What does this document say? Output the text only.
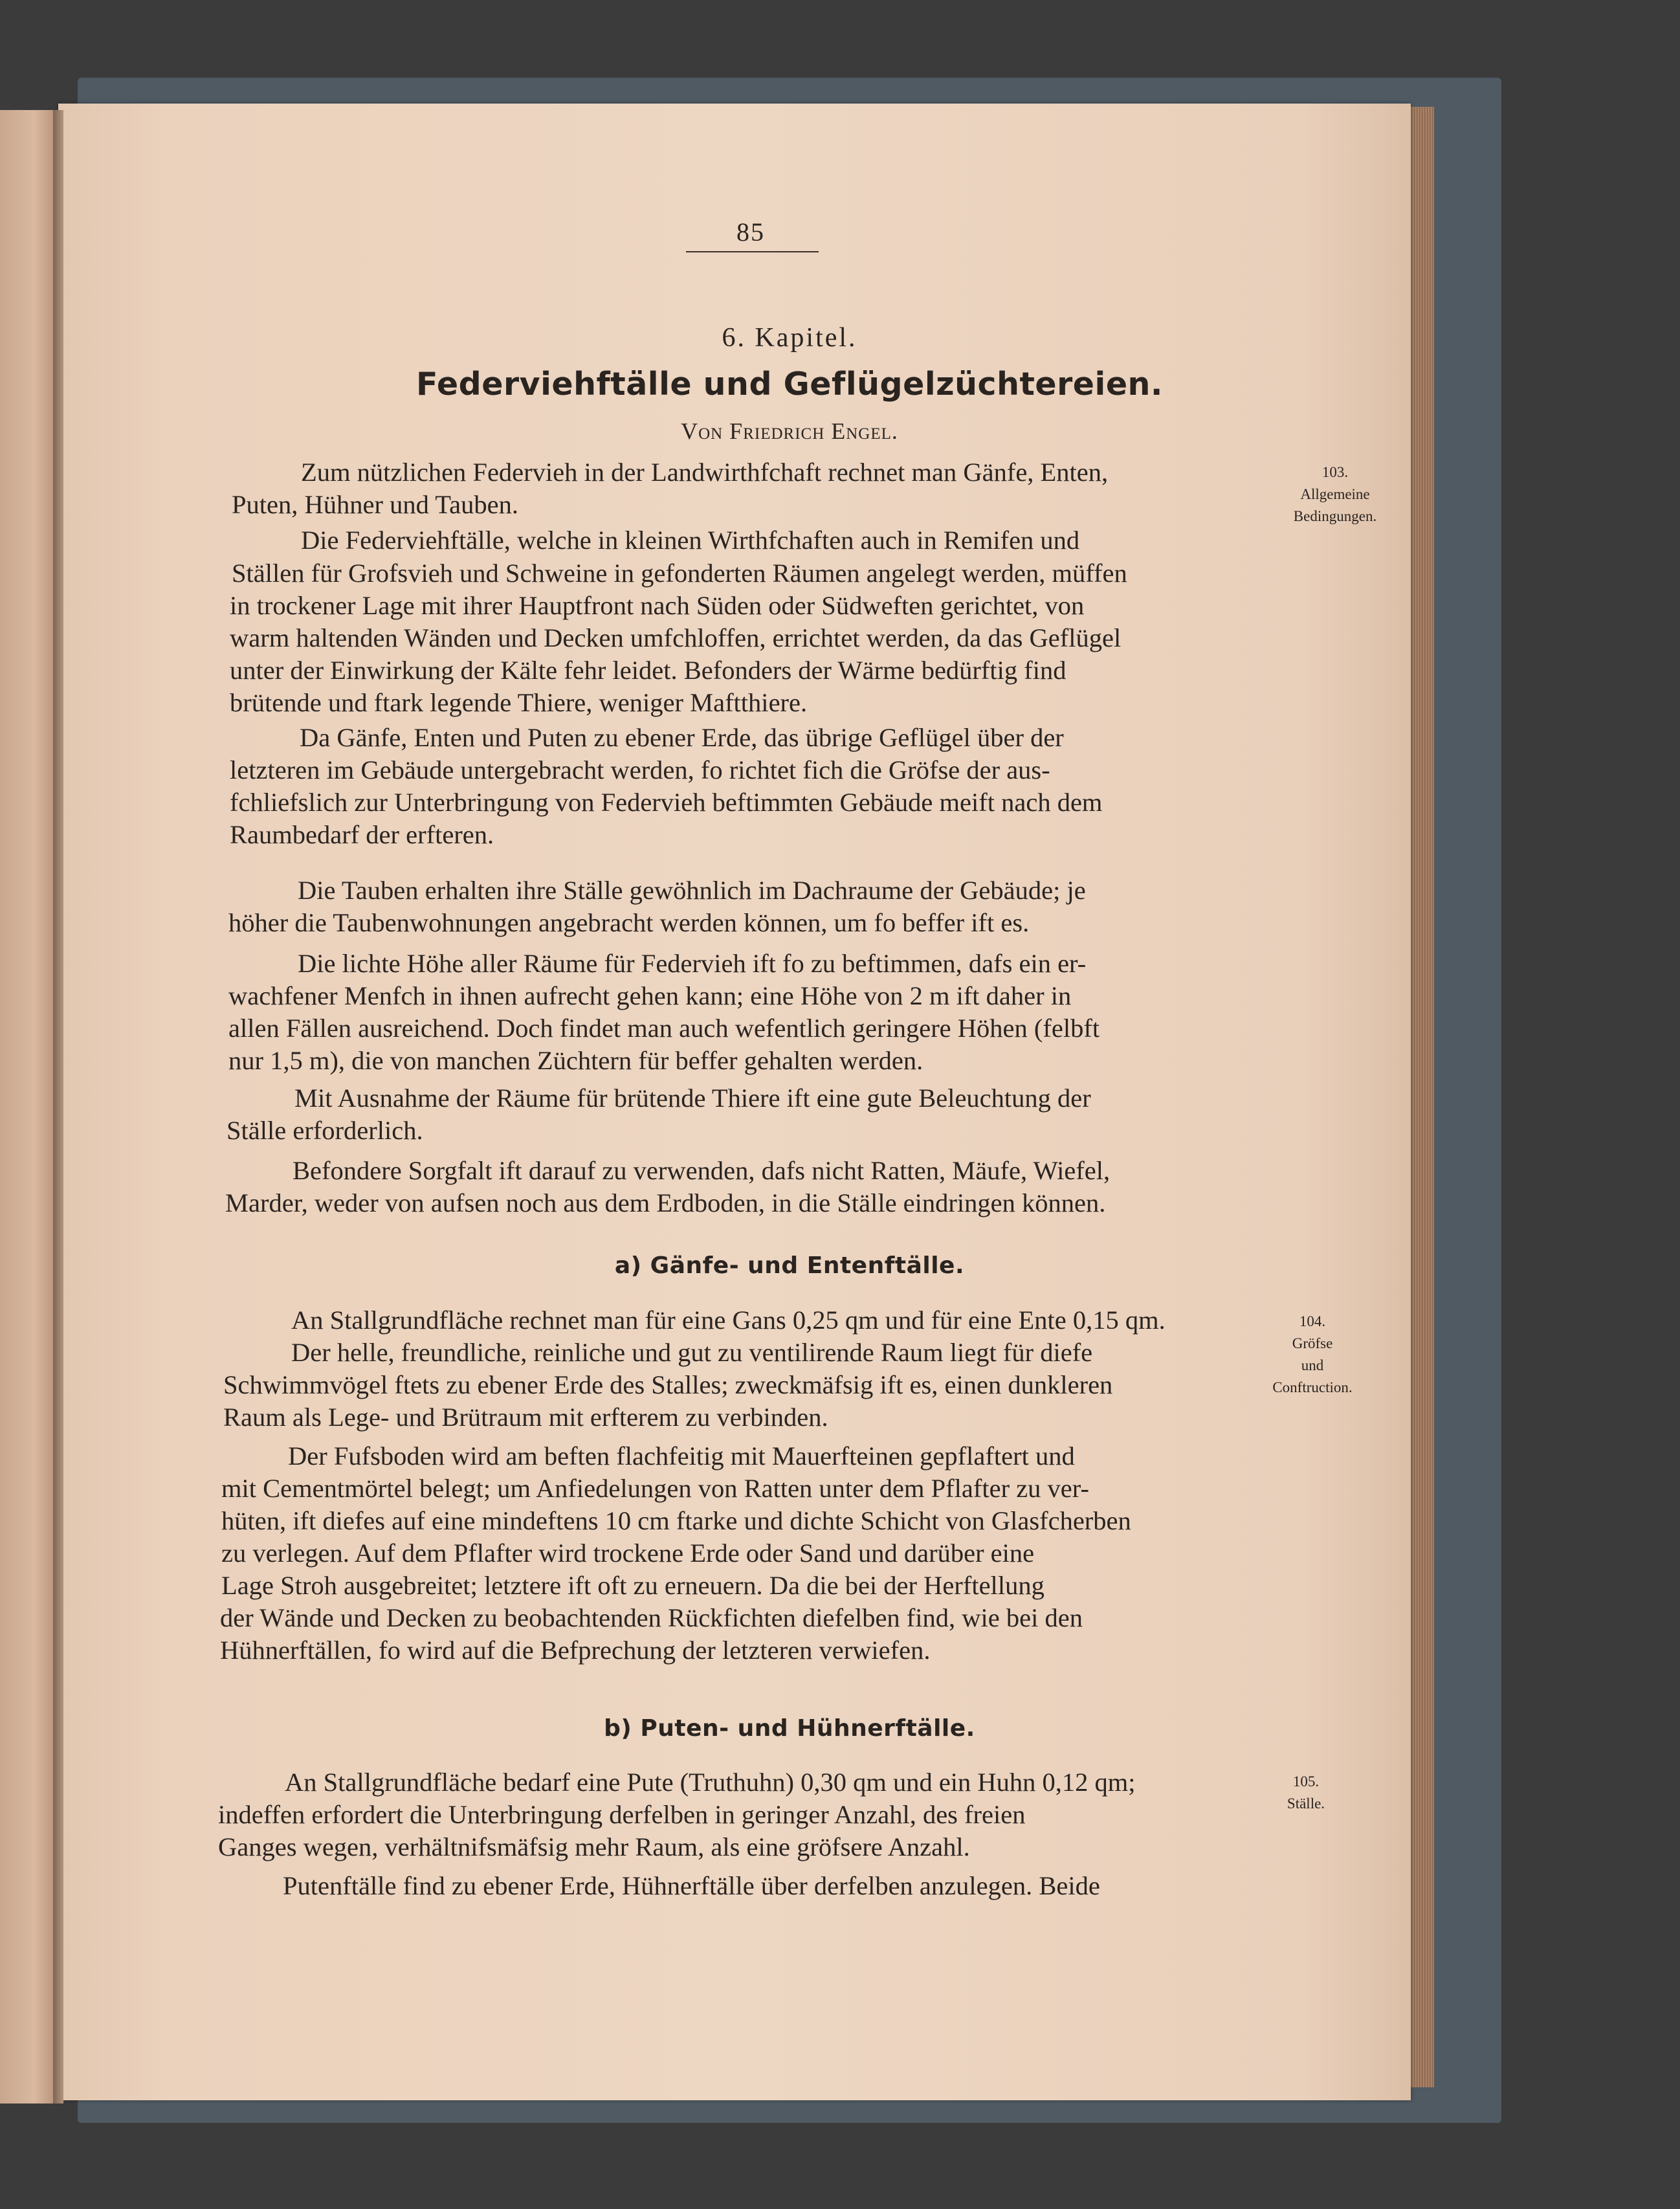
85
6. Kapitel.
Federviehftälle und Geflügelzüchtereien.
Von Friedrich Engel.
Zum nützlichen Federvieh in der Landwirthfchaft rechnet man Gänfe, Enten,
Puten, Hühner und Tauben.
Die Federviehftälle, welche in kleinen Wirthfchaften auch in Remifen und
Ställen für Grofsvieh und Schweine in gefonderten Räumen angelegt werden, müffen
in trockener Lage mit ihrer Hauptfront nach Süden oder Südweften gerichtet, von
warm haltenden Wänden und Decken umfchloffen, errichtet werden, da das Geflügel
unter der Einwirkung der Kälte fehr leidet. Befonders der Wärme bedürftig find
brütende und ftark legende Thiere, weniger Maftthiere.
Da Gänfe, Enten und Puten zu ebener Erde, das übrige Geflügel über der
letzteren im Gebäude untergebracht werden, fo richtet fich die Gröfse der aus-
fchliefslich zur Unterbringung von Federvieh beftimmten Gebäude meift nach dem
Raumbedarf der erfteren.
Die Tauben erhalten ihre Ställe gewöhnlich im Dachraume der Gebäude; je
höher die Taubenwohnungen angebracht werden können, um fo beffer ift es.
Die lichte Höhe aller Räume für Federvieh ift fo zu beftimmen, dafs ein er-
wachfener Menfch in ihnen aufrecht gehen kann; eine Höhe von 2 m ift daher in
allen Fällen ausreichend. Doch findet man auch wefentlich geringere Höhen (felbft
nur 1,5 m), die von manchen Züchtern für beffer gehalten werden.
Mit Ausnahme der Räume für brütende Thiere ift eine gute Beleuchtung der
Ställe erforderlich.
Befondere Sorgfalt ift darauf zu verwenden, dafs nicht Ratten, Mäufe, Wiefel,
Marder, weder von aufsen noch aus dem Erdboden, in die Ställe eindringen können.
a) Gänfe- und Entenftälle.
An Stallgrundfläche rechnet man für eine Gans 0,25 qm und für eine Ente 0,15 qm.
Der helle, freundliche, reinliche und gut zu ventilirende Raum liegt für diefe
Schwimmvögel ftets zu ebener Erde des Stalles; zweckmäfsig ift es, einen dunkleren
Raum als Lege- und Brütraum mit erfterem zu verbinden.
Der Fufsboden wird am beften flachfeitig mit Mauerfteinen gepflaftert und
mit Cementmörtel belegt; um Anfiedelungen von Ratten unter dem Pflafter zu ver-
hüten, ift diefes auf eine mindeftens 10 cm ftarke und dichte Schicht von Glasfcherben
zu verlegen. Auf dem Pflafter wird trockene Erde oder Sand und darüber eine
Lage Stroh ausgebreitet; letztere ift oft zu erneuern. Da die bei der Herftellung
der Wände und Decken zu beobachtenden Rückfichten diefelben find, wie bei den
Hühnerftällen, fo wird auf die Befprechung der letzteren verwiefen.
b) Puten- und Hühnerftälle.
An Stallgrundfläche bedarf eine Pute (Truthuhn) 0,30 qm und ein Huhn 0,12 qm;
indeffen erfordert die Unterbringung derfelben in geringer Anzahl, des freien
Ganges wegen, verhältnifsmäfsig mehr Raum, als eine gröfsere Anzahl.
Putenftälle find zu ebener Erde, Hühnerftälle über derfelben anzulegen. Beide
103.
Allgemeine
Bedingungen.
104.
Gröfse
und
Conftruction.
105.
Ställe.
